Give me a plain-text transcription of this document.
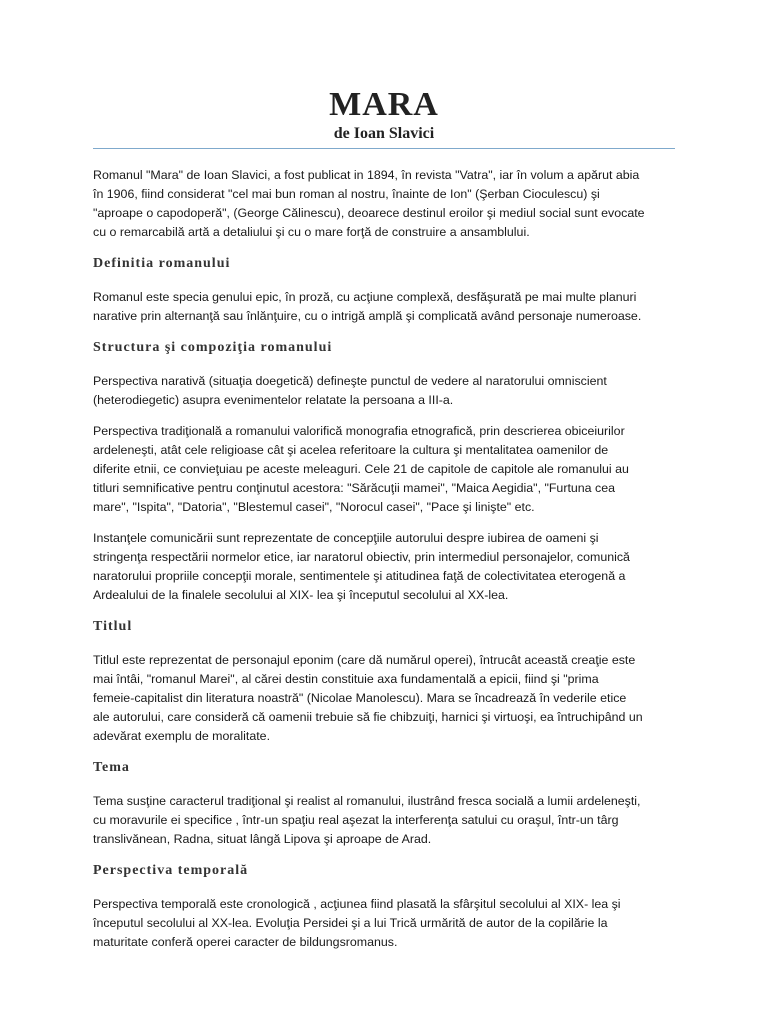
MARA
de Ioan Slavici

Romanul "Mara" de Ioan Slavici, a fost publicat in 1894, în revista "Vatra", iar în volum a apărut abia
în 1906, fiind considerat "cel mai bun roman al nostru, înainte de Ion" (Şerban Cioculescu) şi
"aproape o capodoperă", (George Călinescu), deoarece destinul eroilor şi mediul social sunt evocate
cu o remarcabilă artă a detaliului şi cu o mare forţă de construire a ansamblului.

Definitia romanului

Romanul este specia genului epic, în proză, cu acţiune complexă, desfăşurată pe mai multe planuri
narative prin alternanţă sau înlănţuire, cu o intrigă amplă şi complicată având personaje numeroase.

Structura şi compoziţia romanului

Perspectiva narativă (situaţia doegetică) defineşte punctul de vedere al naratorului omniscient
(heterodiegetic) asupra evenimentelor relatate la persoana a III-a.

Perspectiva tradiţională a romanului valorifică monografia etnografică, prin descrierea obiceiurilor
ardeleneşti, atât cele religioase cât şi acelea referitoare la cultura şi mentalitatea oamenilor de
diferite etnii, ce convieţuiau pe aceste meleaguri. Cele 21 de capitole de capitole ale romanului au
titluri semnificative pentru conţinutul acestora: "Sărăcuţii mamei", "Maica Aegidia", "Furtuna cea
mare", "Ispita", "Datoria", "Blestemul casei", "Norocul casei", "Pace şi linişte" etc.

Instanţele comunicării sunt reprezentate de concepţiile autorului despre iubirea de oameni şi
stringenţa respectării normelor etice, iar naratorul obiectiv, prin intermediul personajelor, comunică
naratorului propriile concepţii morale, sentimentele şi atitudinea faţă de colectivitatea eterogenă a
Ardealului de la finalele secolului al XIX- lea şi începutul secolului al XX-lea.

Titlul

Titlul este reprezentat de personajul eponim (care dă numărul operei), întrucât această creaţie este
mai întâi, "romanul Marei", al cărei destin constituie axa fundamentală a epicii, fiind şi "prima
femeie-capitalist din literatura noastră" (Nicolae Manolescu). Mara se încadrează în vederile etice
ale autorului, care consideră că oamenii trebuie să fie chibzuiţi, harnici şi virtuoşi, ea întruchipând un
adevărat exemplu de moralitate.

Tema

Tema susţine caracterul tradiţional şi realist al romanului, ilustrând fresca socială a lumii ardeleneşti,
cu moravurile ei specifice , într-un spaţiu real aşezat la interferenţa satului cu oraşul, într-un târg
translivănean, Radna, situat lângă Lipova şi aproape de Arad.

Perspectiva temporală

Perspectiva temporală este cronologică , acţiunea fiind plasată la sfârşitul secolului al XIX- lea şi
începutul secolului al XX-lea. Evoluţia Persidei şi a lui Trică urmărită de autor de la copilărie la
maturitate conferă operei caracter de bildungsromanus.
